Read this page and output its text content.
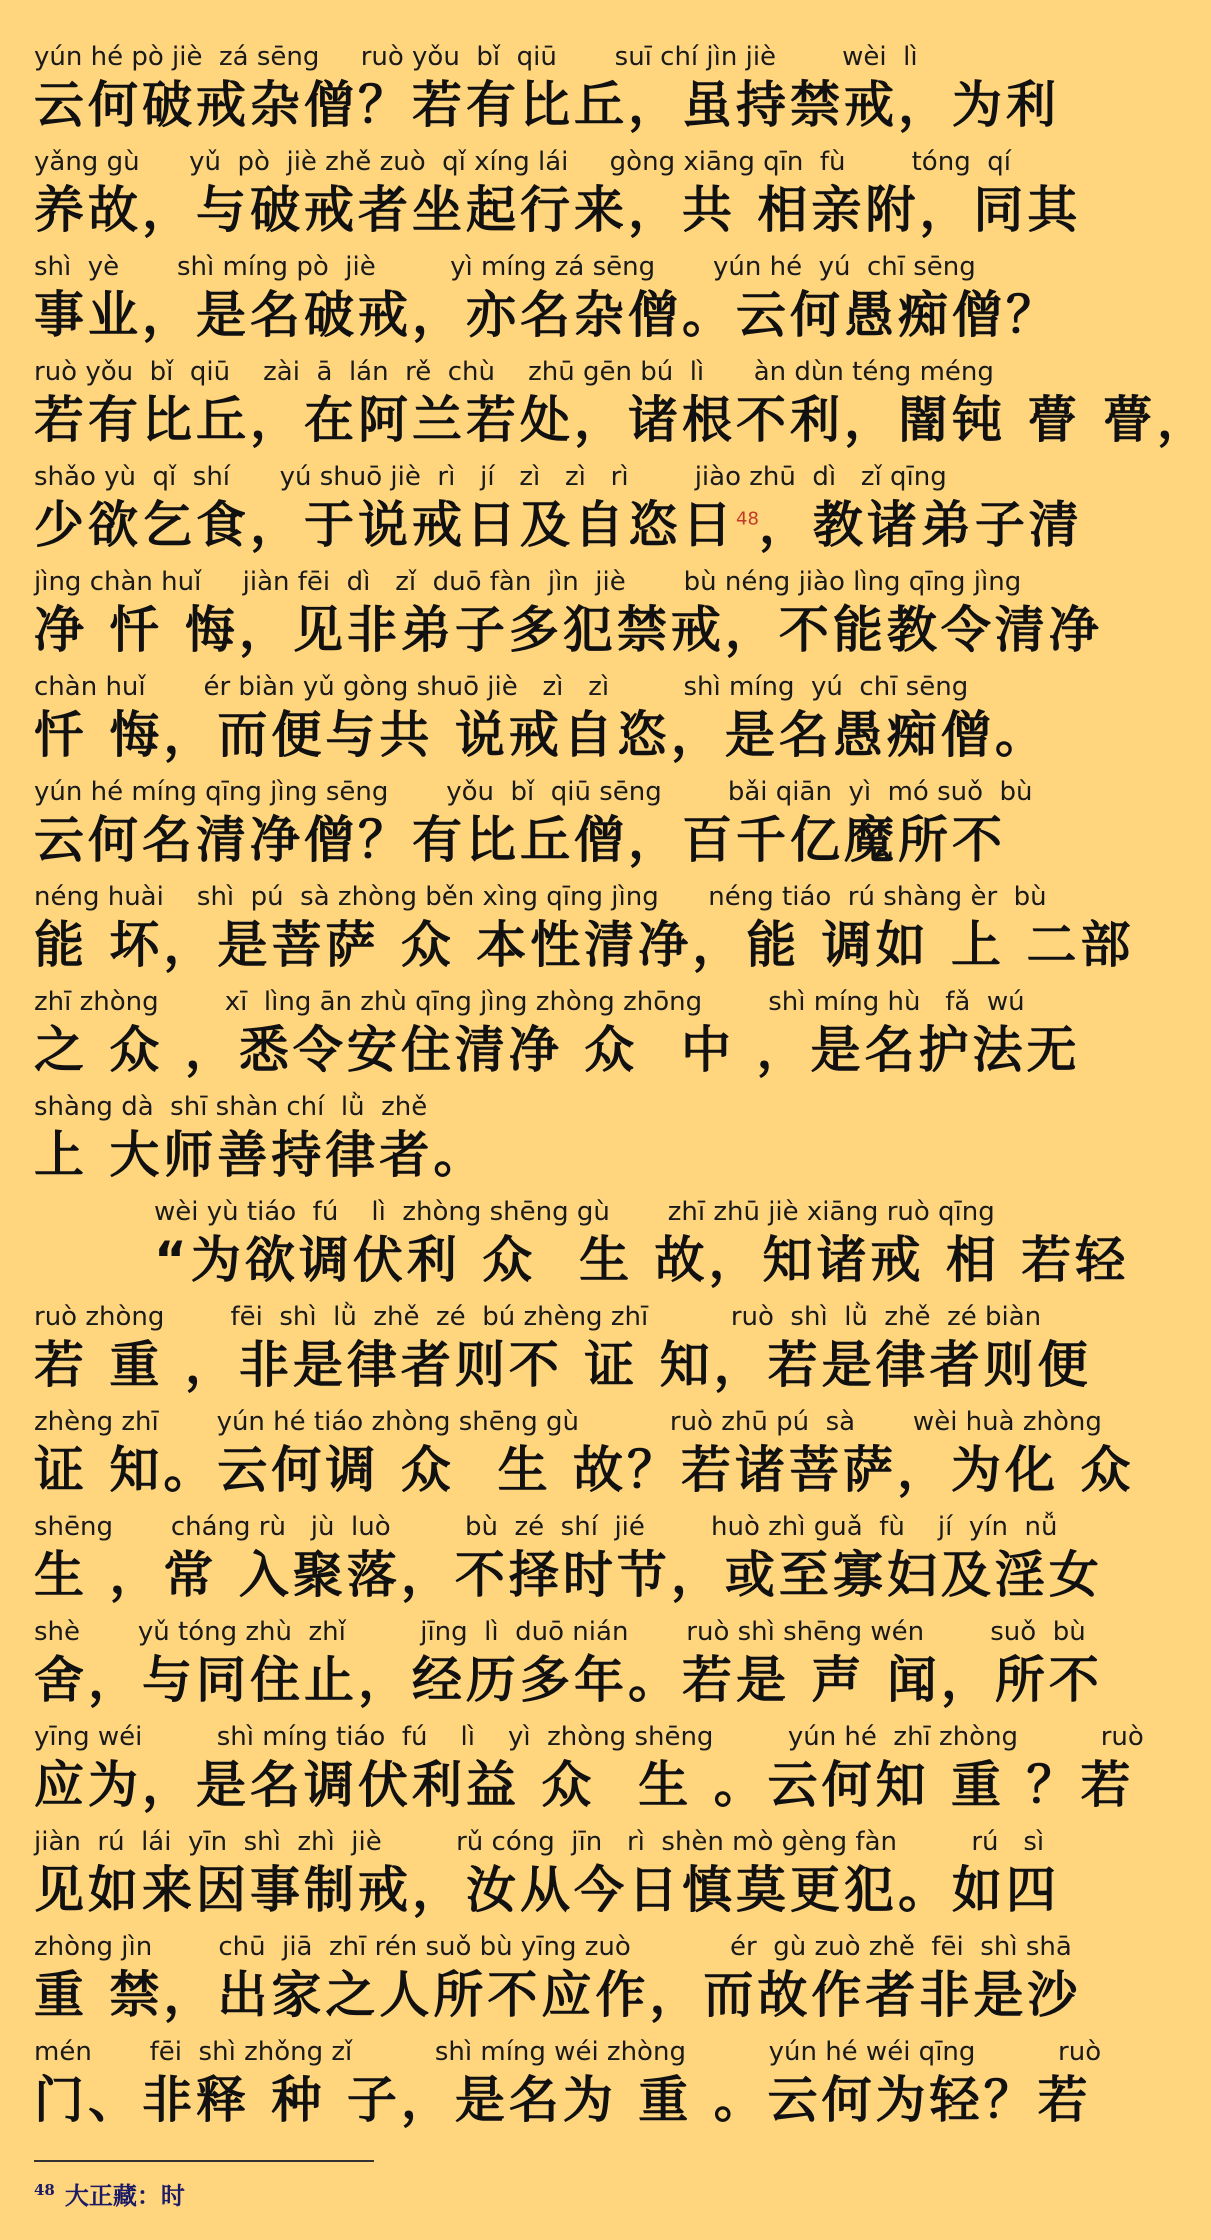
yún hé pò jiè  zá sēng     ruò yǒu  bǐ  qiū       suī chí jìn jiè        wèi  lì
云何破戒杂僧？若有比丘，虽持禁戒，为利
yǎng gù      yǔ  pò  jiè zhě zuò  qǐ xíng lái     gòng xiāng qīn  fù        tóng  qí
养故，与破戒者坐起行来，共 相亲附，同其
shì  yè       shì míng pò  jiè         yì míng zá sēng       yún hé  yú  chī sēng
事业，是名破戒，亦名杂僧。云何愚痴僧？
ruò yǒu  bǐ  qiū    zài  ā  lán  rě  chù    zhū gēn bú  lì      àn dùn téng méng
若有比丘，在阿兰若处，诸根不利，闇钝 瞢 瞢，
shǎo yù  qǐ  shí      yú shuō jiè  rì   jí   zì   zì   rì        jiào zhū  dì   zǐ qīng
少欲乞食，于说戒日及自恣日$^{48}$，教诸弟子清
jìng chàn huǐ     jiàn fēi  dì   zǐ  duō fàn  jìn  jiè       bù néng jiào lìng qīng jìng
净 忏 悔，见非弟子多犯禁戒，不能教令清净
chàn huǐ       ér biàn yǔ gòng shuō jiè   zì   zì         shì míng  yú  chī sēng
忏 悔，而便与共 说戒自恣，是名愚痴僧。
yún hé míng qīng jìng sēng       yǒu  bǐ  qiū sēng        bǎi qiān  yì  mó suǒ  bù
云何名清净僧？有比丘僧，百千亿魔所不
néng huài    shì  pú  sà zhòng běn xìng qīng jìng      néng tiáo  rú shàng èr  bù
能 坏，是菩萨 众 本性清净，能 调如 上 二部
zhī zhòng        xī  lìng ān zhù qīng jìng zhòng zhōng        shì míng hù   fǎ  wú
之 众 ，悉令安住清净 众  中 ，是名护法无
shàng dà  shī shàn chí  lǜ  zhě
上 大师善持律者。
wèi yù tiáo  fú    lì  zhòng shēng gù       zhī zhū jiè xiāng ruò qīng
“为欲调伏利 众  生 故，知诸戒 相 若轻
ruò zhòng        fēi  shì  lǜ  zhě  zé  bú zhèng zhī          ruò  shì  lǜ  zhě  zé biàn
若 重 ，非是律者则不 证 知，若是律者则便
zhèng zhī       yún hé tiáo zhòng shēng gù           ruò zhū pú  sà       wèi huà zhòng
证 知。云何调 众  生 故？若诸菩萨，为化 众
shēng       cháng rù   jù  luò         bù  zé  shí  jié        huò zhì guǎ  fù    jí  yín  nǚ
生 ，常 入聚落，不择时节，或至寡妇及淫女
shè       yǔ tóng zhù  zhǐ         jīng  lì  duō nián       ruò shì shēng wén        suǒ  bù
舍，与同住止，经历多年。若是 声 闻，所不
yīng wéi         shì míng tiáo  fú    lì    yì  zhòng shēng         yún hé  zhī zhòng          ruò
应为，是名调伏利益 众  生 。云何知 重 ？若
jiàn  rú  lái  yīn  shì  zhì  jiè         rǔ cóng  jīn   rì  shèn mò gèng fàn         rú   sì
见如来因事制戒，汝从今日慎莫更犯。如四
zhòng jìn        chū  jiā  zhī rén suǒ bù yīng zuò            ér  gù zuò zhě  fēi  shì shā
重 禁，出家之人所不应作，而故作者非是沙
mén       fēi  shì zhǒng zǐ          shì míng wéi zhòng          yún hé wéi qīng          ruò
门、非释 种 子，是名为 重 。云何为轻？若
$^{48}$ 大正藏：时
